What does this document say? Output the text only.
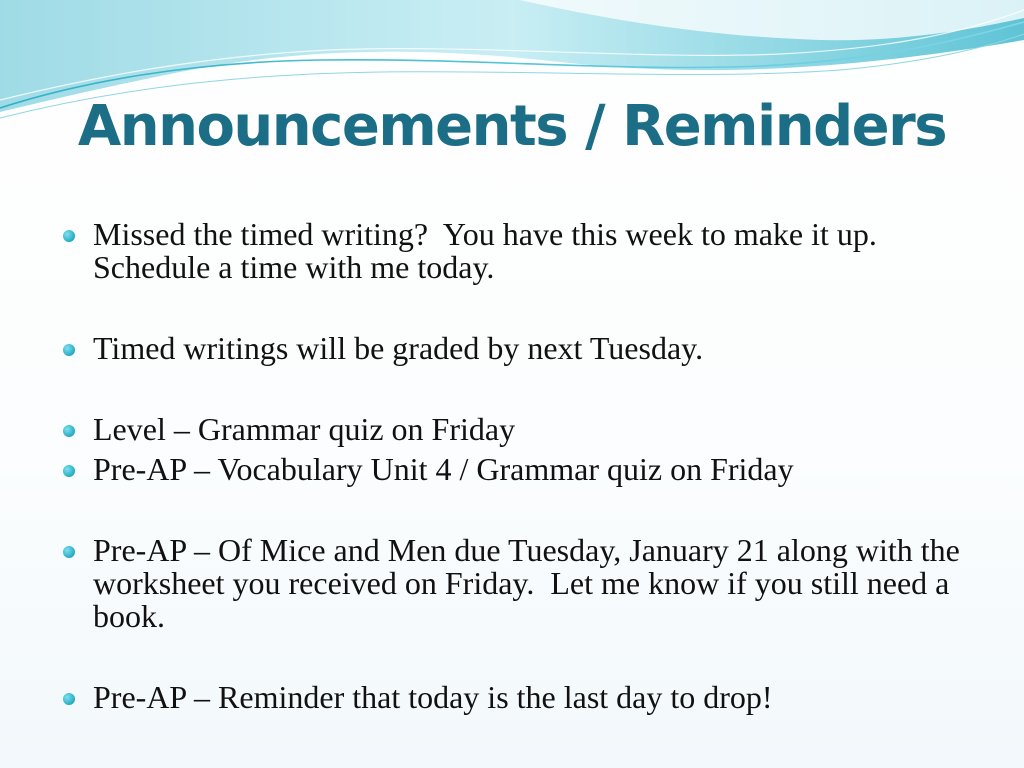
Announcements / Reminders
Missed the timed writing?  You have this week to make it up.  Schedule a time with me today.
Timed writings will be graded by next Tuesday.
Level – Grammar quiz on Friday
Pre-AP – Vocabulary Unit 4 / Grammar quiz on Friday
Pre-AP – Of Mice and Men due Tuesday, January 21 along with the worksheet you received on Friday.  Let me know if you still need a book.
Pre-AP – Reminder that today is the last day to drop!
